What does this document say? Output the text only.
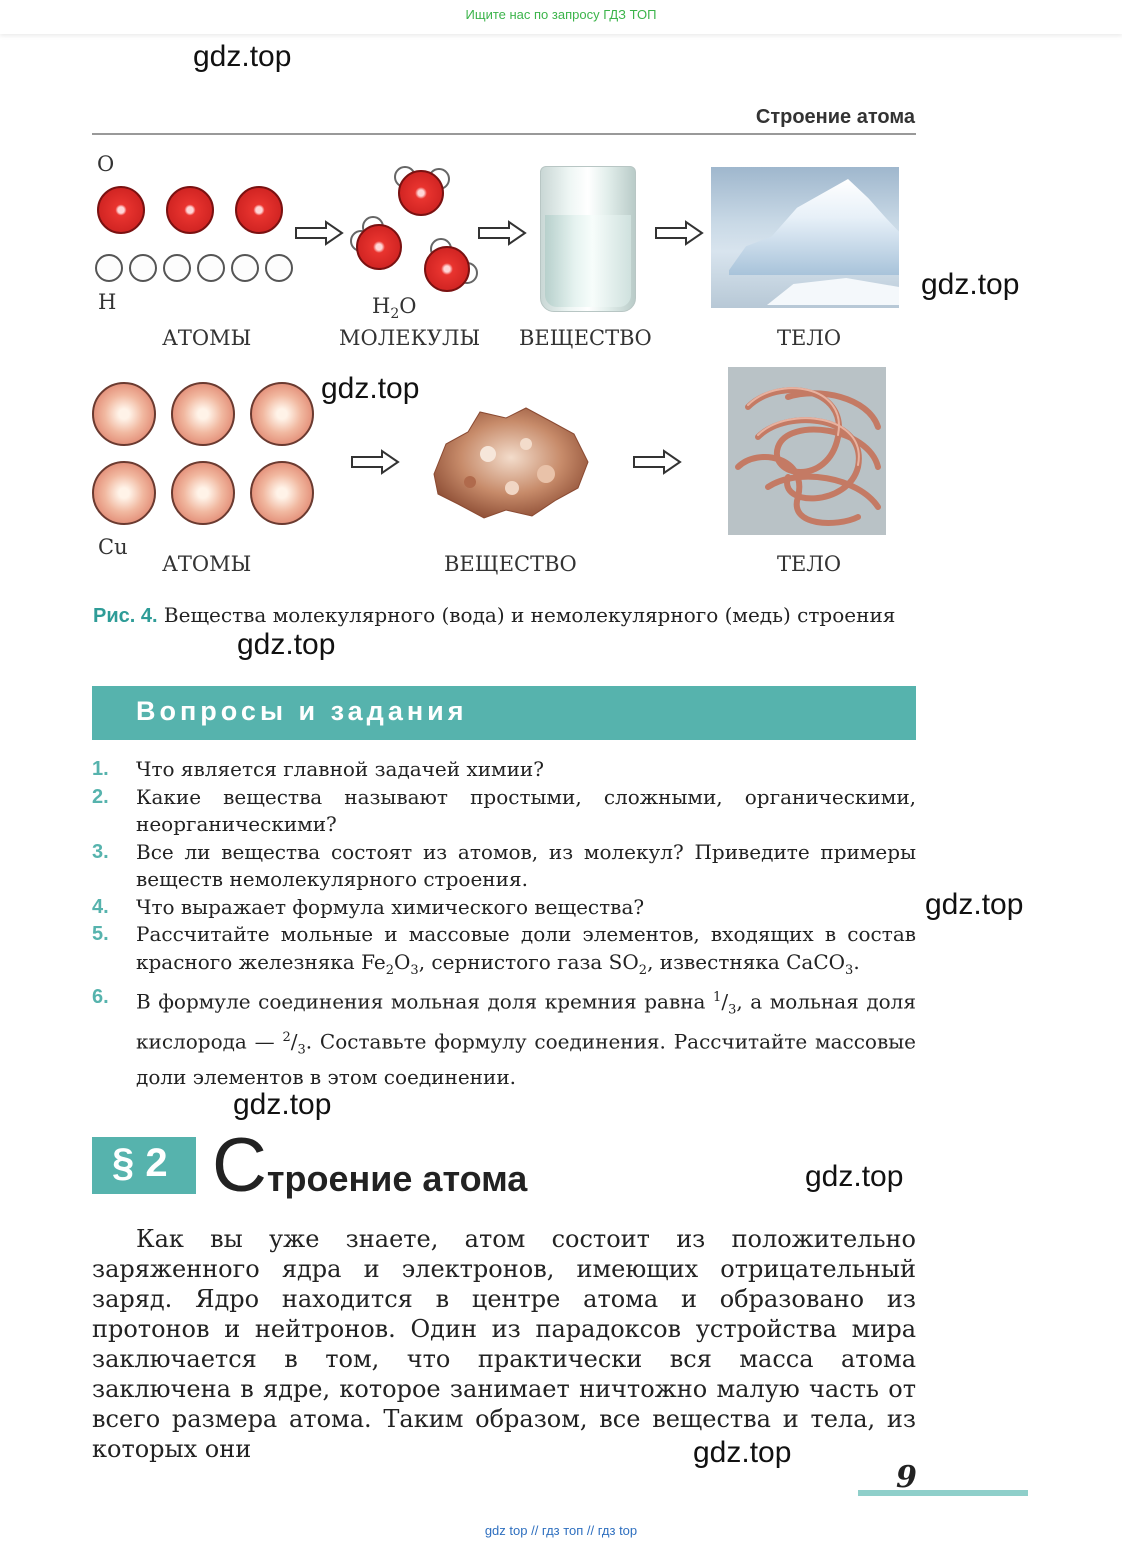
Ищите нас по запросу ГДЗ ТОП
gdz.top
gdz.top
gdz.top
gdz.top
gdz.top
gdz.top
gdz.top
gdz.top
Строение атома
O
H	$H_2O$
АТОМЫ	МОЛЕКУЛЫ ВЕЩЕСТВО	ТЕЛО
Cu
АТОМЫ	ВЕЩЕСТВО	ТЕЛО
Рис. 4. Вещества молекулярного (вода) и немолекулярного (медь) строения
Вопросы и задания
1. Что является главной задачей химии?
2. Какие вещества называют простыми, сложными, органическими, неорганическими?
3. Все ли вещества состоят из атомов, из молекул? Приведите примеры веществ немолекулярного строения.
4. Что выражает формула химического вещества?
5. Рассчитайте мольные и массовые доли элементов, входящих в состав красного железняка $Fe_2O_3$, сернистого газа $SO_2$, известняка CaCO$_3$.
6. В формуле соединения мольная доля кремния равна $^1/_3$, а мольная доля кислорода — $^2/_3$. Составьте формулу соединения. Рассчитайте массовые доли элементов в этом соединении.
§ 2 Строение атома
Как вы уже знаете, атом состоит из положительно заряженного ядра и электронов, имеющих отрицательный заряд. Ядро находится в центре атома и образовано из протонов и нейтронов. Один из парадоксов устройства мира заключается в том, что практически вся масса атома заключена в ядре, которое занимает ничтожно малую часть от всего размера атома. Таким образом, все вещества и тела, из которых они
9
gdz top // гдз топ // гдз top
